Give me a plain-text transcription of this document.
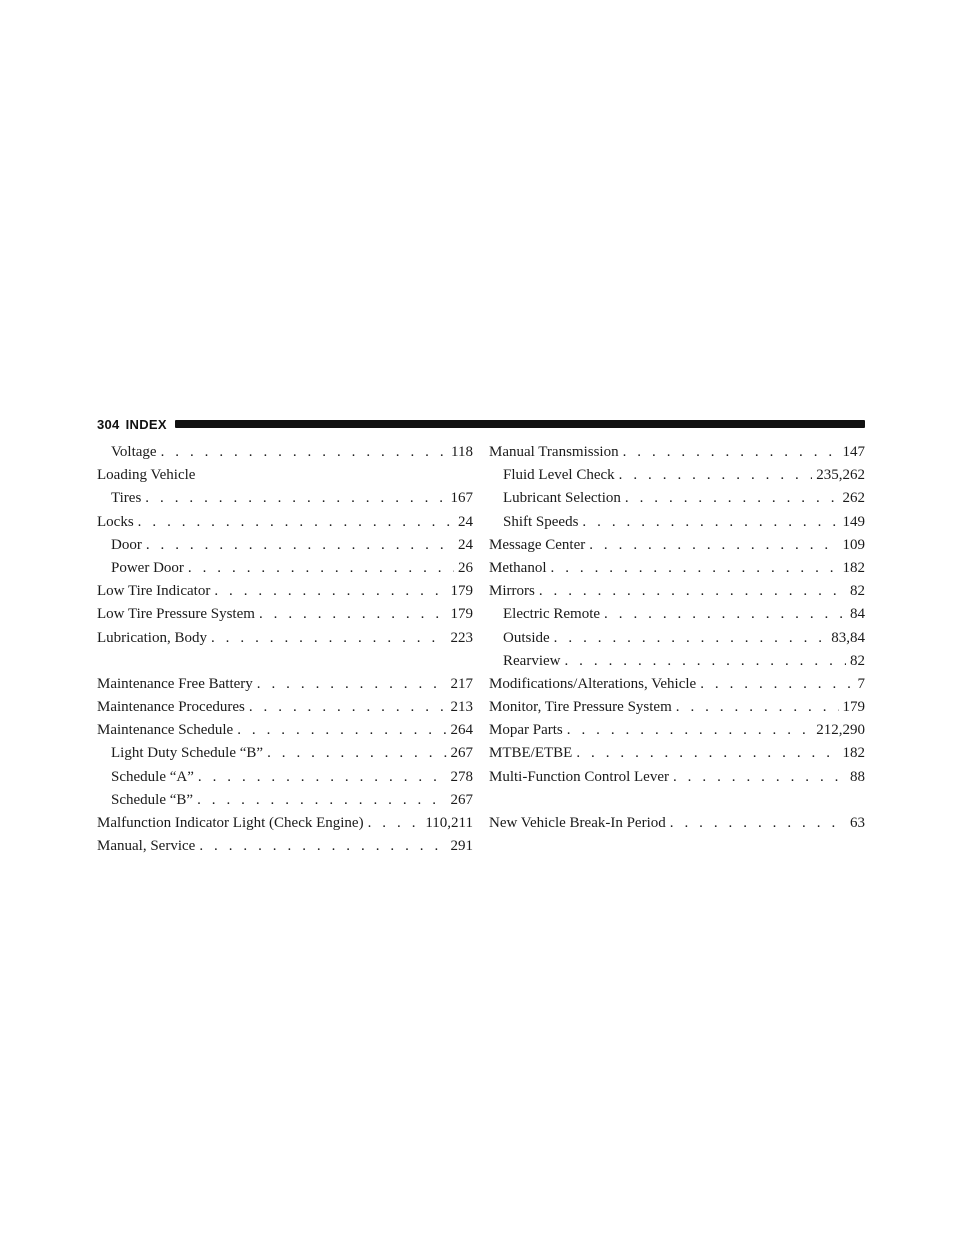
304 INDEX
Voltage . . .	118
Loading Vehicle
Tires . . .	167
Locks . . .	24
Door . . .	24
Power Door . . .	26
Low Tire Indicator . . .	179
Low Tire Pressure System . . .	179
Lubrication, Body . . .	223
Maintenance Free Battery . . .	217
Maintenance Procedures . . .	213
Maintenance Schedule . . .	264
Light Duty Schedule “B” . . .	267
Schedule “A” . . .	278
Schedule “B” . . .	267
Malfunction Indicator Light (Check Engine) . . .	110,211
Manual, Service . . .	291
Manual Transmission . . .	147
Fluid Level Check . . .	235,262
Lubricant Selection . . .	262
Shift Speeds . . .	149
Message Center . . .	109
Methanol . . .	182
Mirrors . . .	82
Electric Remote . . .	84
Outside . . .	83,84
Rearview . . .	82
Modifications/Alterations, Vehicle . . .	7
Monitor, Tire Pressure System . . .	179
Mopar Parts . . .	212,290
MTBE/ETBE . . .	182
Multi-Function Control Lever . . .	88
New Vehicle Break-In Period . . .	63
